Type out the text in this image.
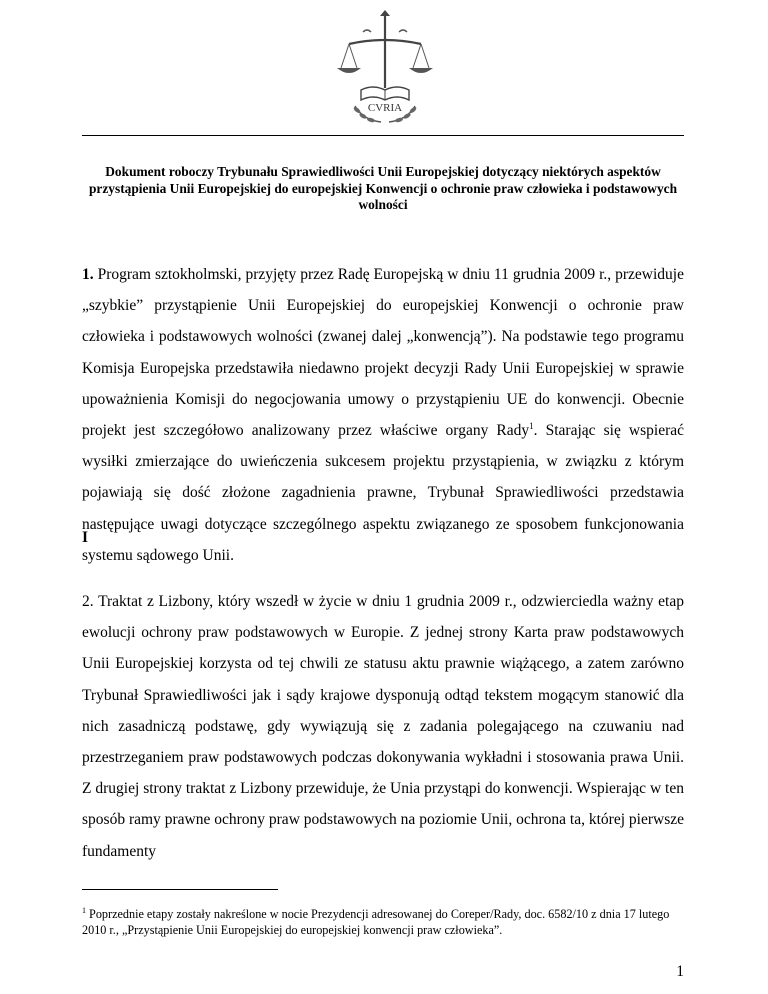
CVRIA
Dokument roboczy Trybunału Sprawiedliwości Unii Europejskiej dotyczący niektórych aspektów przystąpienia Unii Europejskiej do europejskiej Konwencji o ochronie praw człowieka i podstawowych wolności
1. Program sztokholmski, przyjęty przez Radę Europejską w dniu 11 grudnia 2009 r., przewiduje „szybkie” przystąpienie Unii Europejskiej do europejskiej Konwencji o ochronie praw człowieka i podstawowych wolności (zwanej dalej „konwencją”). Na podstawie tego programu Komisja Europejska przedstawiła niedawno projekt decyzji Rady Unii Europejskiej w sprawie upoważnienia Komisji do negocjowania umowy o przystąpieniu UE do konwencji. Obecnie projekt jest szczegółowo analizowany przez właściwe organy Rady$^1$. Starając się wspierać wysiłki zmierzające do uwieńczenia sukcesem projektu przystąpienia, w związku z którym pojawiają się dość złożone zagadnienia prawne, Trybunał Sprawiedliwości przedstawia następujące uwagi dotyczące szczególnego aspektu związanego ze sposobem funkcjonowania systemu sądowego Unii.
I
2. Traktat z Lizbony, który wszedł w życie w dniu 1 grudnia 2009 r., odzwierciedla ważny etap ewolucji ochrony praw podstawowych w Europie. Z jednej strony Karta praw podstawowych Unii Europejskiej korzysta od tej chwili ze statusu aktu prawnie wiążącego, a zatem zarówno Trybunał Sprawiedliwości jak i sądy krajowe dysponują odtąd tekstem mogącym stanowić dla nich zasadniczą podstawę, gdy wywiązują się z zadania polegającego na czuwaniu nad przestrzeganiem praw podstawowych podczas dokonywania wykładni i stosowania prawa Unii. Z drugiej strony traktat z Lizbony przewiduje, że Unia przystąpi do konwencji. Wspierając w ten sposób ramy prawne ochrony praw podstawowych na poziomie Unii, ochrona ta, której pierwsze fundamenty
$^1$ Poprzednie etapy zostały nakreślone w nocie Prezydencji adresowanej do Coreper/Rady, doc. 6582/10 z dnia 17 lutego 2010 r., „Przystąpienie Unii Europejskiej do europejskiej konwencji praw człowieka”.
1
